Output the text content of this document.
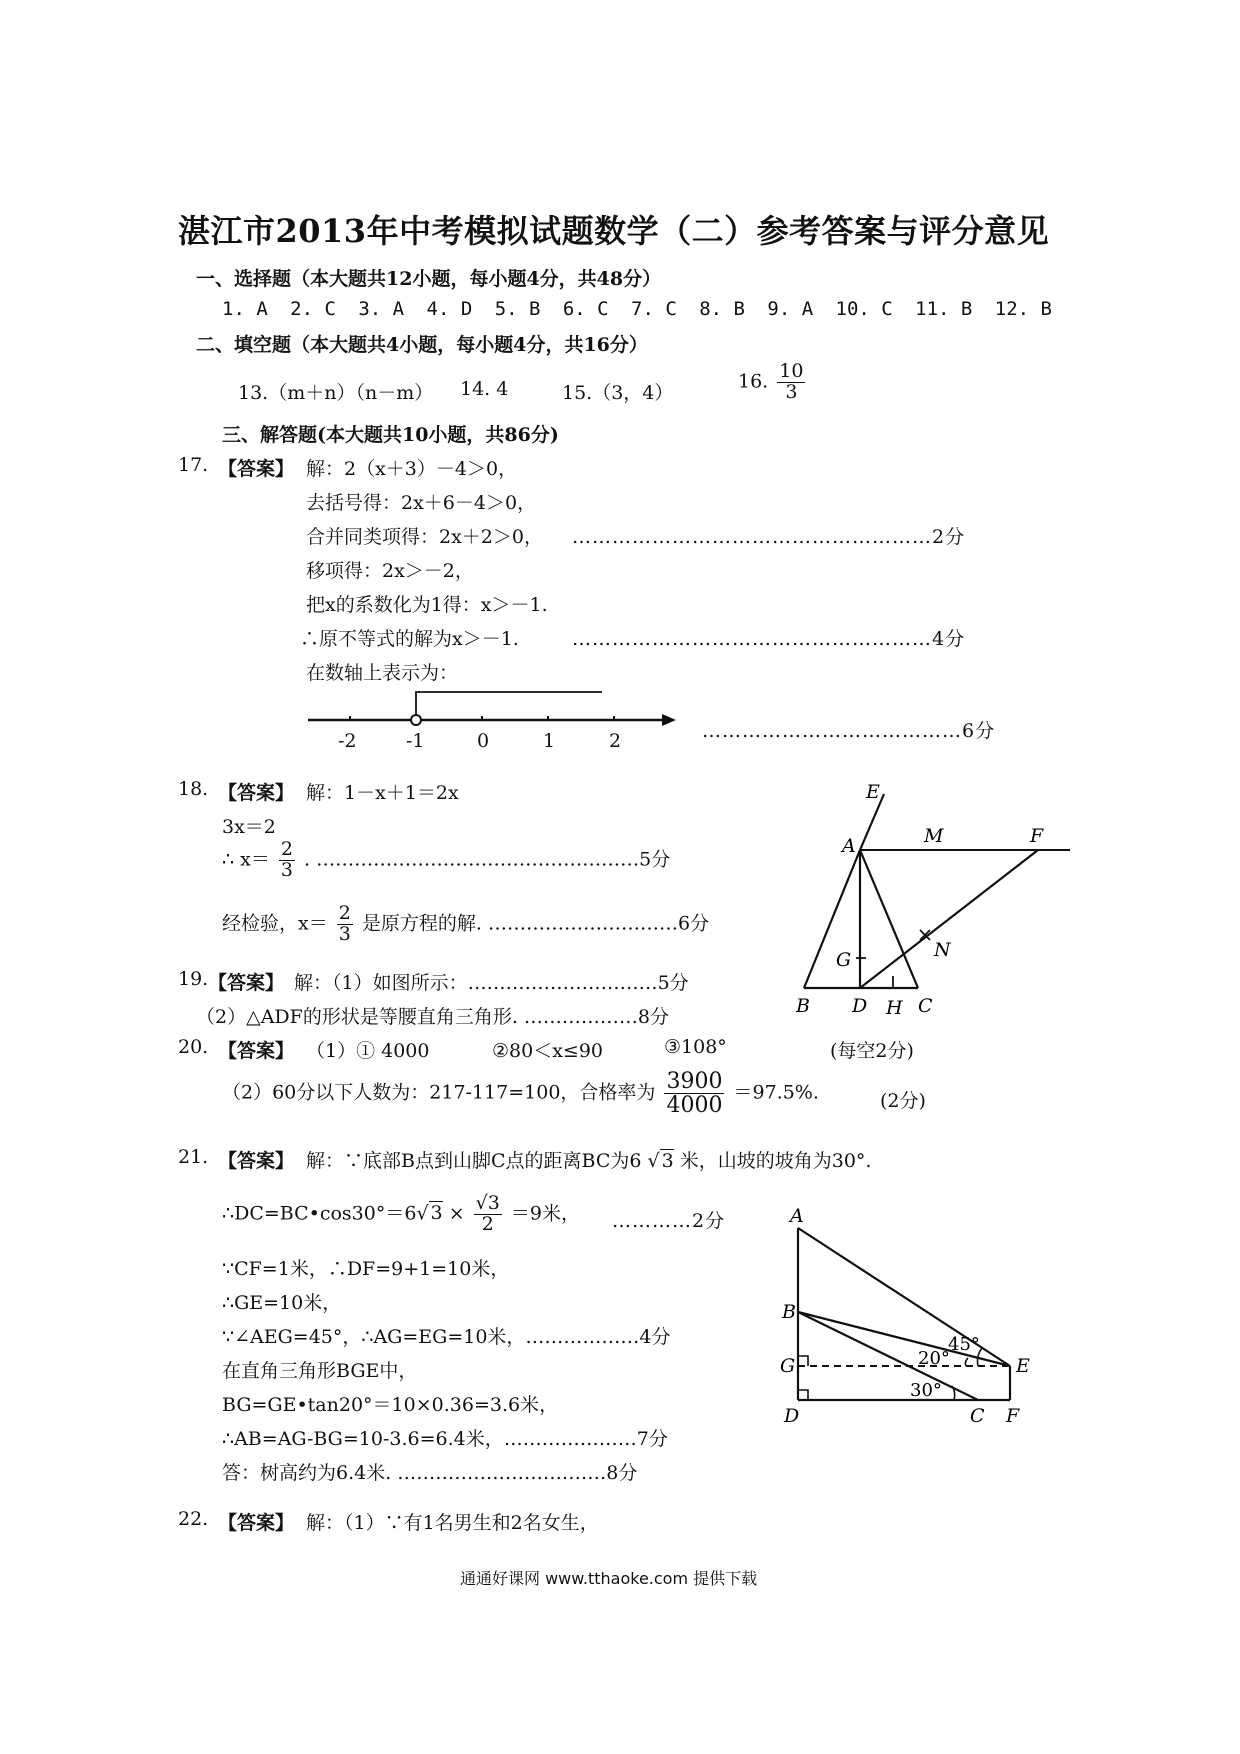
湛江市2013年中考模拟试题数学（二）参考答案与评分意见
一、选择题（本大题共12小题，每小题4分，共48分）
1. A 2. C 3. A 4. D 5. B 6. C 7. C 8. B 9. A 10. C 11. B 12. B
二、填空题（本大题共4小题，每小题4分，共16分）
13.（m＋n）（n－m） 14. 4	15.（3，4）
16. $\frac{10}{3}$
三、解答题(本大题共10小题，共86分)
17. 【答案】 解：2（x＋3）－4＞0，
去括号得：2x＋6－4＞0，
合并同类项得：2x＋2＞0， ………………………………………………2分
移项得：2x＞－2，
把x的系数化为1得：x＞－1.
∴原不等式的解为x＞－1.	………………………………………………4分
在数轴上表示为：
-2	-1	0	1	2	…………………………………6分
18. 【答案】 解：1－x＋1＝2x
3x＝2
∴ $x= \frac{2}{3}$ . ……………………………………………5分
经检验，$x= \frac{2}{3}$ 是原方程的解. …………………………6分
19. 【答案】 解：（1）如图所示：…………………………5分
（2）△ADF的形状是等腰直角三角形. ………………8分
E
A	M	F
G	N
B D H C
20. 【答案】 （1）① 4000	②80＜x≤90	③108°	(每空2分)
（2）60分以下人数为：217-117=100，合格率为 $\frac{3900}{4000} =97.5\%$.	(2分)
21. 【答案】 解：∵底部B点到山脚C点的距离BC为6 √ 3 米，山坡的坡角为30°.
∴DC=BC•cos30°＝6√ $3 \times \frac{√3}{2} =9$米， …………2分
∵CF=1米，∴DF=9+1=10米，
∴GE=10米，
∵∠AEG=45°，∴AG=EG=10米，………………4分
在直角三角形BGE中，
BG=GE•tan20°＝10×0.36=3.6米，
∴AB=AG-BG=10-3.6=6.4米，…………………7分
答：树高约为6.4米. ……………………………8分
A
B
G
D	C F
E
45°
20°
30°
22. 【答案】 解：（1）∵有1名男生和2名女生，
通通好课网 www.tthaoke.com 提供下载
